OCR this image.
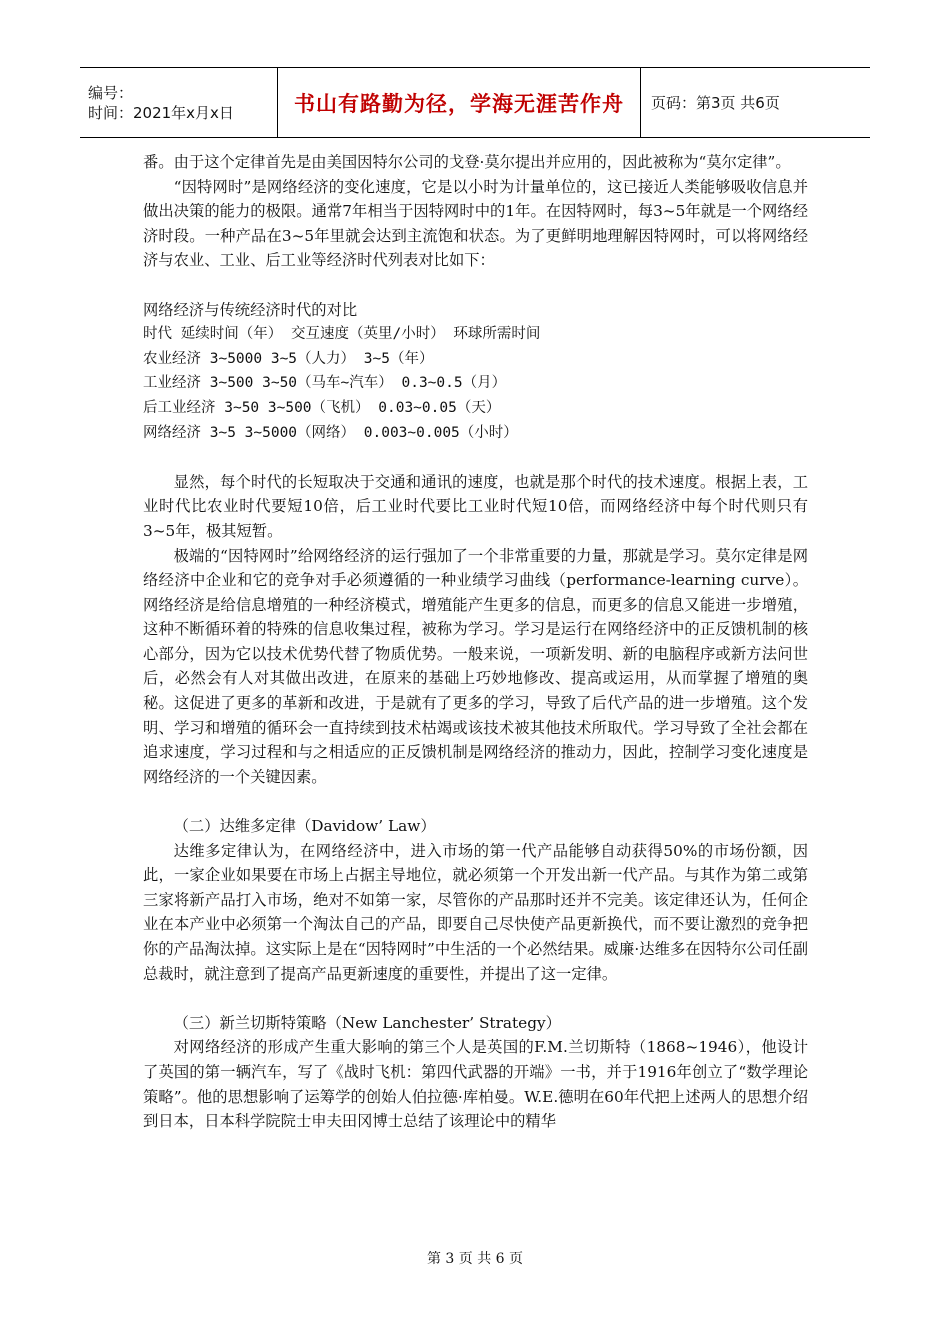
编号：
时间：2021年x月x日	书山有路勤为径，学海无涯苦作舟	页码：第3页 共6页

番。由于这个定律首先是由美国因特尔公司的戈登·莫尔提出并应用的，因此被称为“莫尔定律”。

“因特网时”是网络经济的变化速度，它是以小时为计量单位的，这已接近人类能够吸收信息并做出决策的能力的极限。通常7年相当于因特网时中的1年。在因特网时，每3~5年就是一个网络经济时段。一种产品在3~5年里就会达到主流饱和状态。为了更鲜明地理解因特网时，可以将网络经济与农业、工业、后工业等经济时代列表对比如下：

网络经济与传统经济时代的对比

时代 延续时间（年） 交互速度（英里/小时） 环球所需时间

农业经济 3~5000 3~5（人力） 3~5（年）

工业经济 3~500 3~50（马车~汽车） 0.3~0.5（月）

后工业经济 3~50 3~500（飞机） 0.03~0.05（天）

网络经济 3~5 3~5000（网络） 0.003~0.005（小时）

显然，每个时代的长短取决于交通和通讯的速度，也就是那个时代的技术速度。根据上表，工业时代比农业时代要短10倍，后工业时代要比工业时代短10倍，而网络经济中每个时代则只有3~5年，极其短暂。

极端的“因特网时”给网络经济的运行强加了一个非常重要的力量，那就是学习。莫尔定律是网络经济中企业和它的竞争对手必须遵循的一种业绩学习曲线（performance-learning curve）。网络经济是给信息增殖的一种经济模式，增殖能产生更多的信息，而更多的信息又能进一步增殖，这种不断循环着的特殊的信息收集过程，被称为学习。学习是运行在网络经济中的正反馈机制的核心部分，因为它以技术优势代替了物质优势。一般来说，一项新发明、新的电脑程序或新方法问世后，必然会有人对其做出改进，在原来的基础上巧妙地修改、提高或运用，从而掌握了增殖的奥秘。这促进了更多的革新和改进，于是就有了更多的学习，导致了后代产品的进一步增殖。这个发明、学习和增殖的循环会一直持续到技术枯竭或该技术被其他技术所取代。学习导致了全社会都在追求速度，学习过程和与之相适应的正反馈机制是网络经济的推动力，因此，控制学习变化速度是网络经济的一个关键因素。

（二）达维多定律（Davidow’ Law）

达维多定律认为，在网络经济中，进入市场的第一代产品能够自动获得50%的市场份额，因此，一家企业如果要在市场上占据主导地位，就必须第一个开发出新一代产品。与其作为第二或第三家将新产品打入市场，绝对不如第一家，尽管你的产品那时还并不完美。该定律还认为，任何企业在本产业中必须第一个淘汰自己的产品，即要自己尽快使产品更新换代，而不要让激烈的竞争把你的产品淘汰掉。这实际上是在“因特网时”中生活的一个必然结果。威廉·达维多在因特尔公司任副总裁时，就注意到了提高产品更新速度的重要性，并提出了这一定律。

（三）新兰切斯特策略（New Lanchester’ Strategy）

对网络经济的形成产生重大影响的第三个人是英国的F.M.兰切斯特（1868~1946），他设计了英国的第一辆汽车，写了《战时飞机：第四代武器的开端》一书，并于1916年创立了“数学理论策略”。他的思想影响了运筹学的创始人伯拉德·库柏曼。W.E.德明在60年代把上述两人的思想介绍到日本，日本科学院院士申夫田冈博士总结了该理论中的精华

第 3 页 共 6 页
